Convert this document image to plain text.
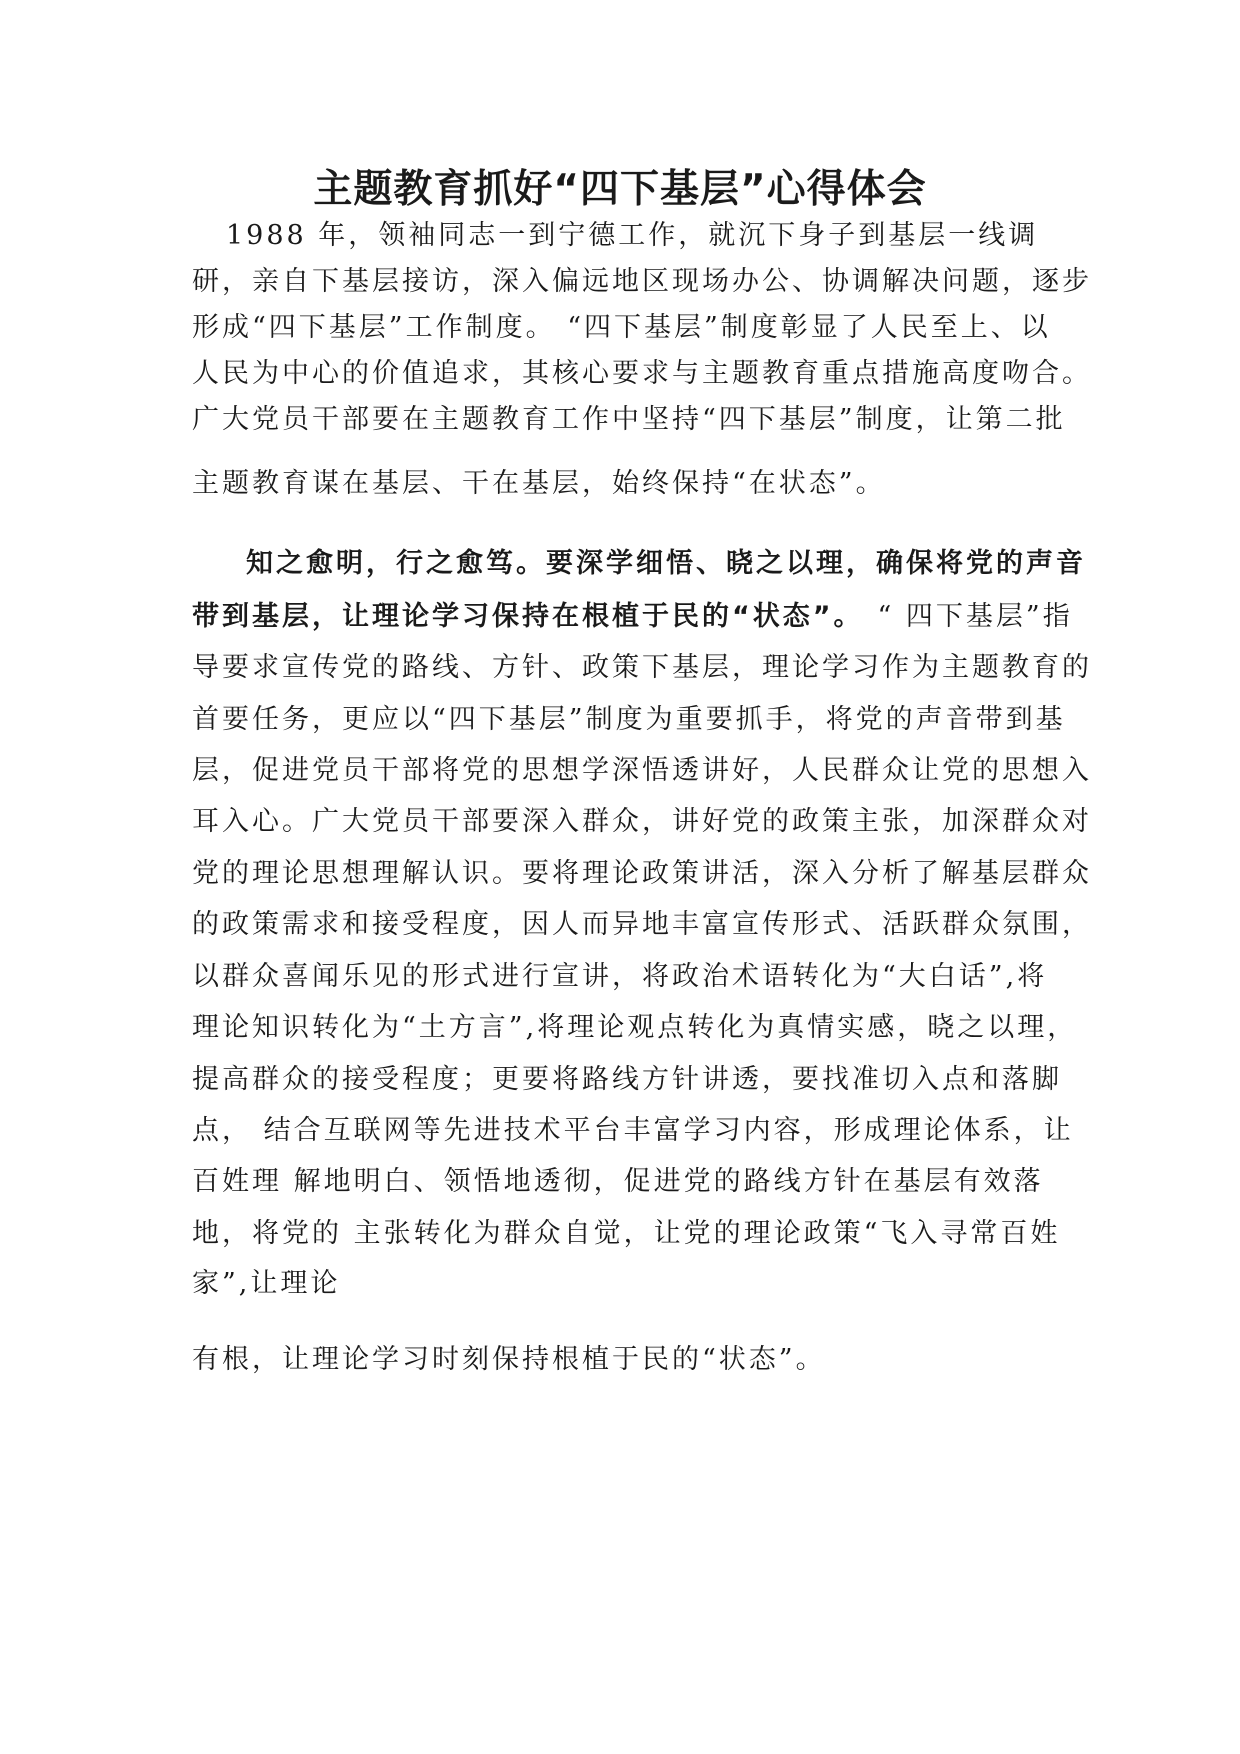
主题教育抓好“四下基层”心得体会
1988 年，领袖同志一到宁德工作，就沉下身子到基层一线调
研，亲自下基层接访，深入偏远地区现场办公、协调解决问题，逐步
形成“四下基层”工作制度。 “四下基层”制度彰显了人民至上、以
人民为中心的价值追求，其核心要求与主题教育重点措施高度吻合。
广大党员干部要在主题教育工作中坚持“四下基层”制度，让第二批
主题教育谋在基层、干在基层，始终保持“在状态”。
知之愈明，行之愈笃。要深学细悟、晓之以理，确保将党的声音
带到基层，让理论学习保持在根植于民的“状态”。 “ 四下基层”指
导要求宣传党的路线、方针、政策下基层，理论学习作为主题教育的
首要任务，更应以“四下基层”制度为重要抓手，将党的声音带到基
层，促进党员干部将党的思想学深悟透讲好，人民群众让党的思想入
耳入心。广大党员干部要深入群众，讲好党的政策主张，加深群众对
党的理论思想理解认识。要将理论政策讲活，深入分析了解基层群众
的政策需求和接受程度，因人而异地丰富宣传形式、活跃群众氛围，
以群众喜闻乐见的形式进行宣讲，将政治术语转化为“大白话”,将
理论知识转化为“土方言”,将理论观点转化为真情实感，晓之以理，
提高群众的接受程度；更要将路线方针讲透，要找准切入点和落脚
点， 结合互联网等先进技术平台丰富学习内容，形成理论体系，让
百姓理 解地明白、领悟地透彻，促进党的路线方针在基层有效落
地，将党的 主张转化为群众自觉，让党的理论政策“飞入寻常百姓
家”,让理论
有根，让理论学习时刻保持根植于民的“状态”。
